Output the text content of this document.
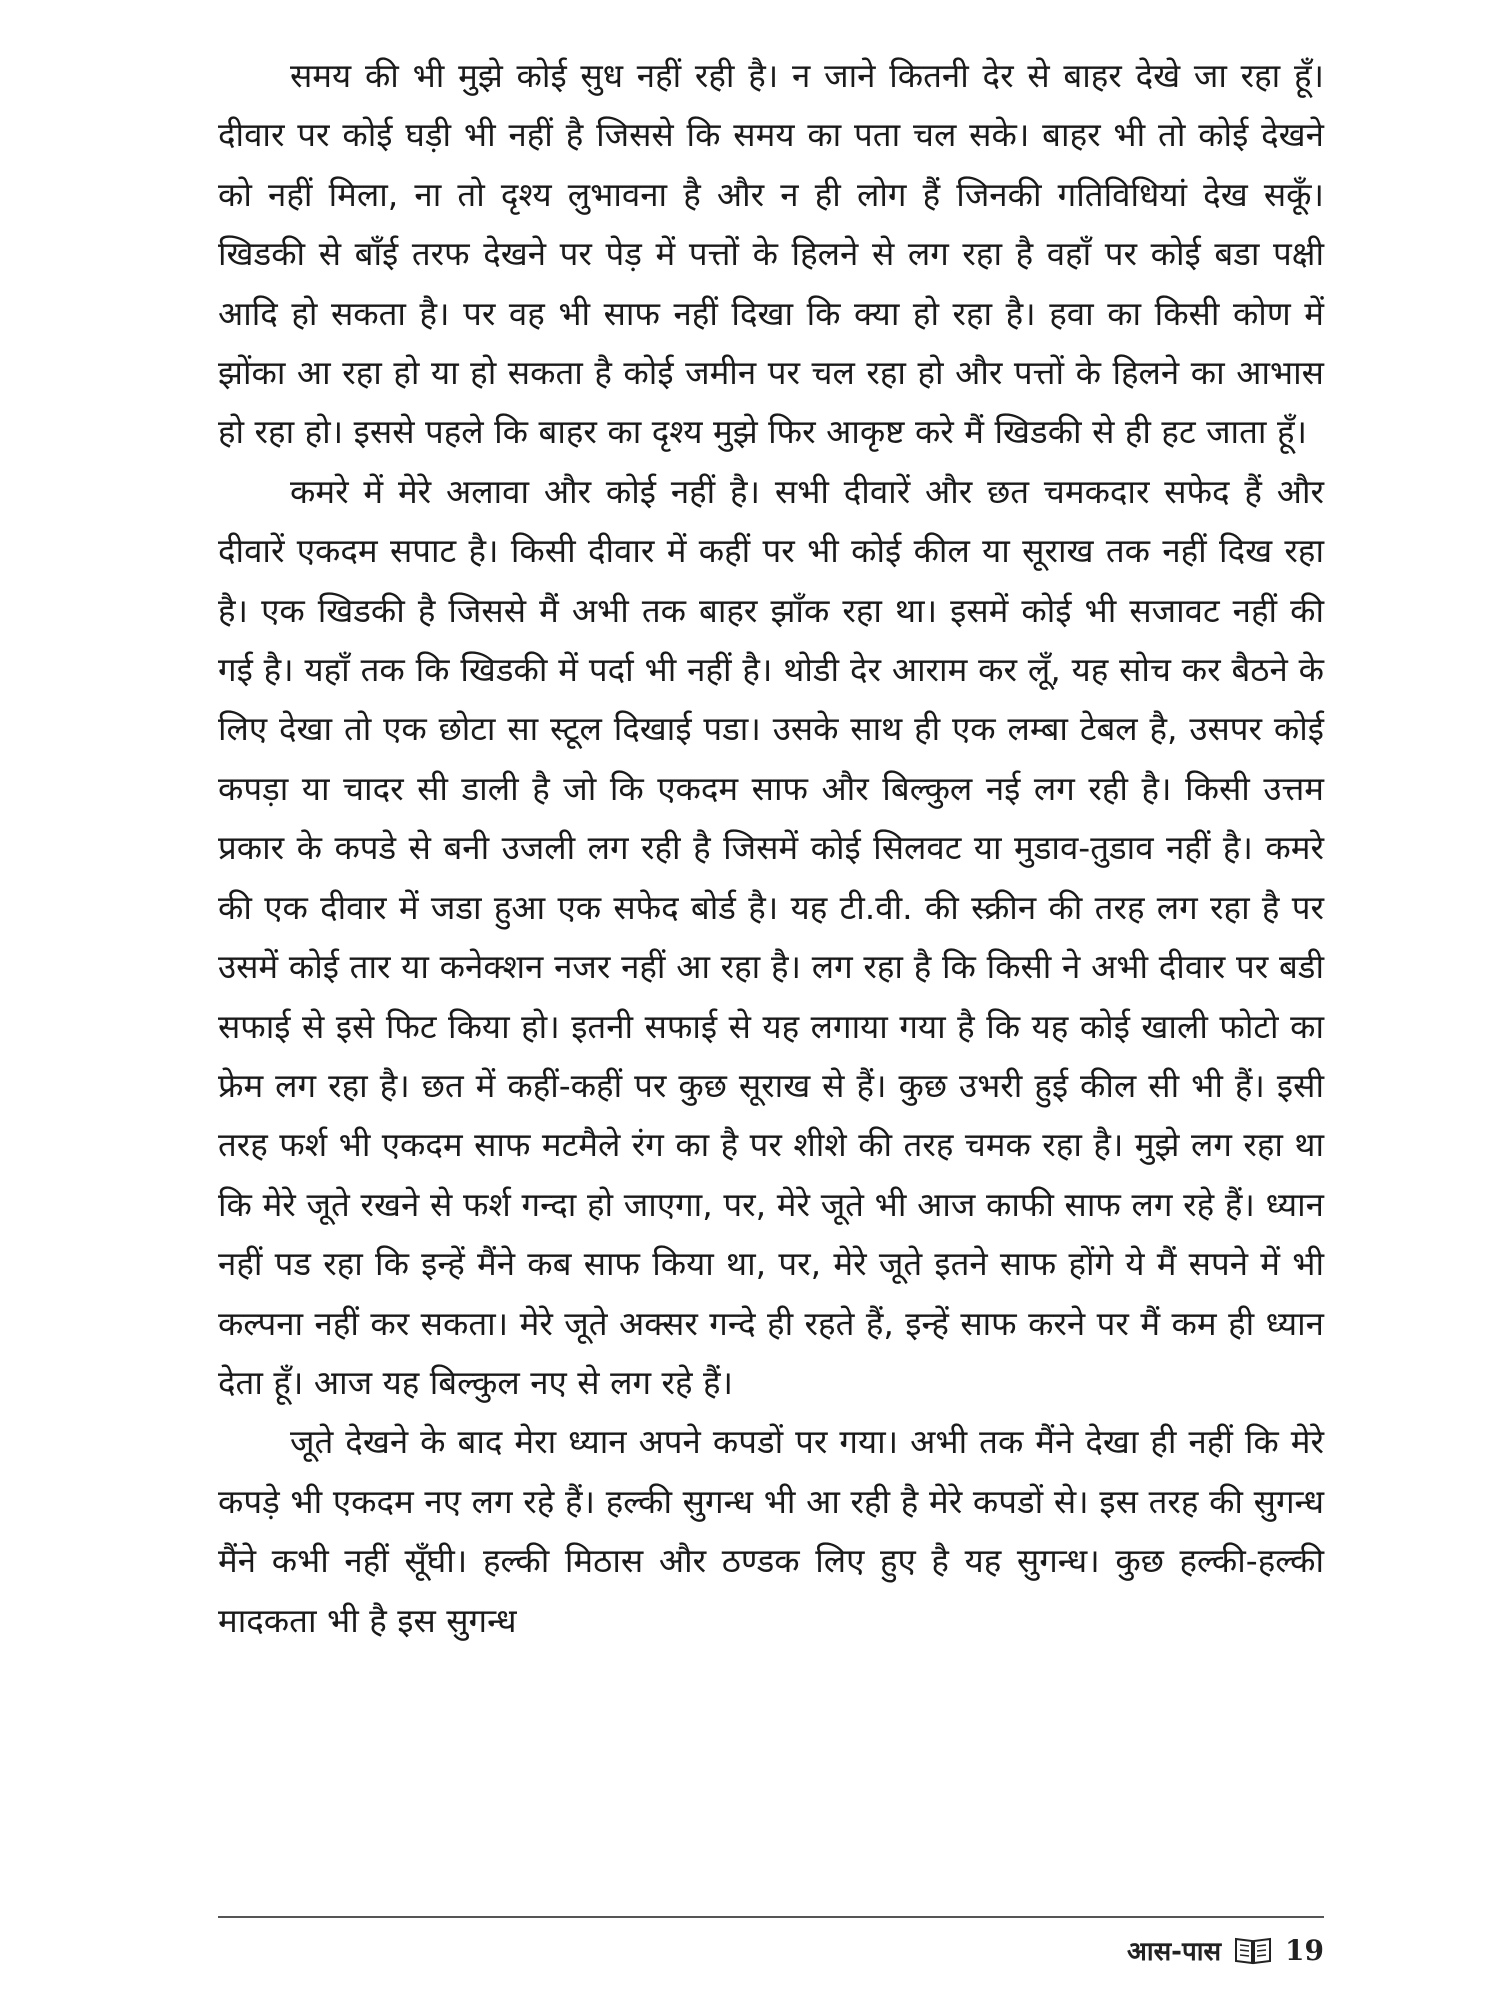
समय की भी मुझे कोई सुध नहीं रही है। न जाने कितनी देर से बाहर देखे जा रहा हूँ। दीवार पर कोई घड़ी भी नहीं है जिससे कि समय का पता चल सके। बाहर भी तो कोई देखने को नहीं मिला, ना तो दृश्य लुभावना है और न ही लोग हैं जिनकी गतिविधियां देख सकूँ। खिडकी से बाँई तरफ देखने पर पेड़ में पत्तों के हिलने से लग रहा है वहाँ पर कोई बडा पक्षी आदि हो सकता है। पर वह भी साफ नहीं दिखा कि क्या हो रहा है। हवा का किसी कोण में झोंका आ रहा हो या हो सकता है कोई जमीन पर चल रहा हो और पत्तों के हिलने का आभास हो रहा हो। इससे पहले कि बाहर का दृश्य मुझे फिर आकृष्ट करे मैं खिडकी से ही हट जाता हूँ।

कमरे में मेरे अलावा और कोई नहीं है। सभी दीवारें और छत चमकदार सफेद हैं और दीवारें एकदम सपाट है। किसी दीवार में कहीं पर भी कोई कील या सूराख तक नहीं दिख रहा है। एक खिडकी है जिससे मैं अभी तक बाहर झाँक रहा था। इसमें कोई भी सजावट नहीं की गई है। यहाँ तक कि खिडकी में पर्दा भी नहीं है। थोडी देर आराम कर लूँ, यह सोच कर बैठने के लिए देखा तो एक छोटा सा स्टूल दिखाई पडा। उसके साथ ही एक लम्बा टेबल है, उसपर कोई कपड़ा या चादर सी डाली है जो कि एकदम साफ और बिल्कुल नई लग रही है। किसी उत्तम प्रकार के कपडे से बनी उजली लग रही है जिसमें कोई सिलवट या मुडाव-तुडाव नहीं है। कमरे की एक दीवार में जडा हुआ एक सफेद बोर्ड है। यह टी.वी. की स्क्रीन की तरह लग रहा है पर उसमें कोई तार या कनेक्शन नजर नहीं आ रहा है। लग रहा है कि किसी ने अभी दीवार पर बडी सफाई से इसे फिट किया हो। इतनी सफाई से यह लगाया गया है कि यह कोई खाली फोटो का फ्रेम लग रहा है। छत में कहीं-कहीं पर कुछ सूराख से हैं। कुछ उभरी हुई कील सी भी हैं। इसी तरह फर्श भी एकदम साफ मटमैले रंग का है पर शीशे की तरह चमक रहा है। मुझे लग रहा था कि मेरे जूते रखने से फर्श गन्दा हो जाएगा, पर, मेरे जूते भी आज काफी साफ लग रहे हैं। ध्यान नहीं पड रहा कि इन्हें मैंने कब साफ किया था, पर, मेरे जूते इतने साफ होंगे ये मैं सपने में भी कल्पना नहीं कर सकता। मेरे जूते अक्सर गन्दे ही रहते हैं, इन्हें साफ करने पर मैं कम ही ध्यान देता हूँ। आज यह बिल्कुल नए से लग रहे हैं।

जूते देखने के बाद मेरा ध्यान अपने कपडों पर गया। अभी तक मैंने देखा ही नहीं कि मेरे कपड़े भी एकदम नए लग रहे हैं। हल्की सुगन्ध भी आ रही है मेरे कपडों से। इस तरह की सुगन्ध मैंने कभी नहीं सूँघी। हल्की मिठास और ठण्डक लिए हुए है यह सुगन्ध। कुछ हल्की-हल्की मादकता भी है इस सुगन्ध

आस-पास 19
